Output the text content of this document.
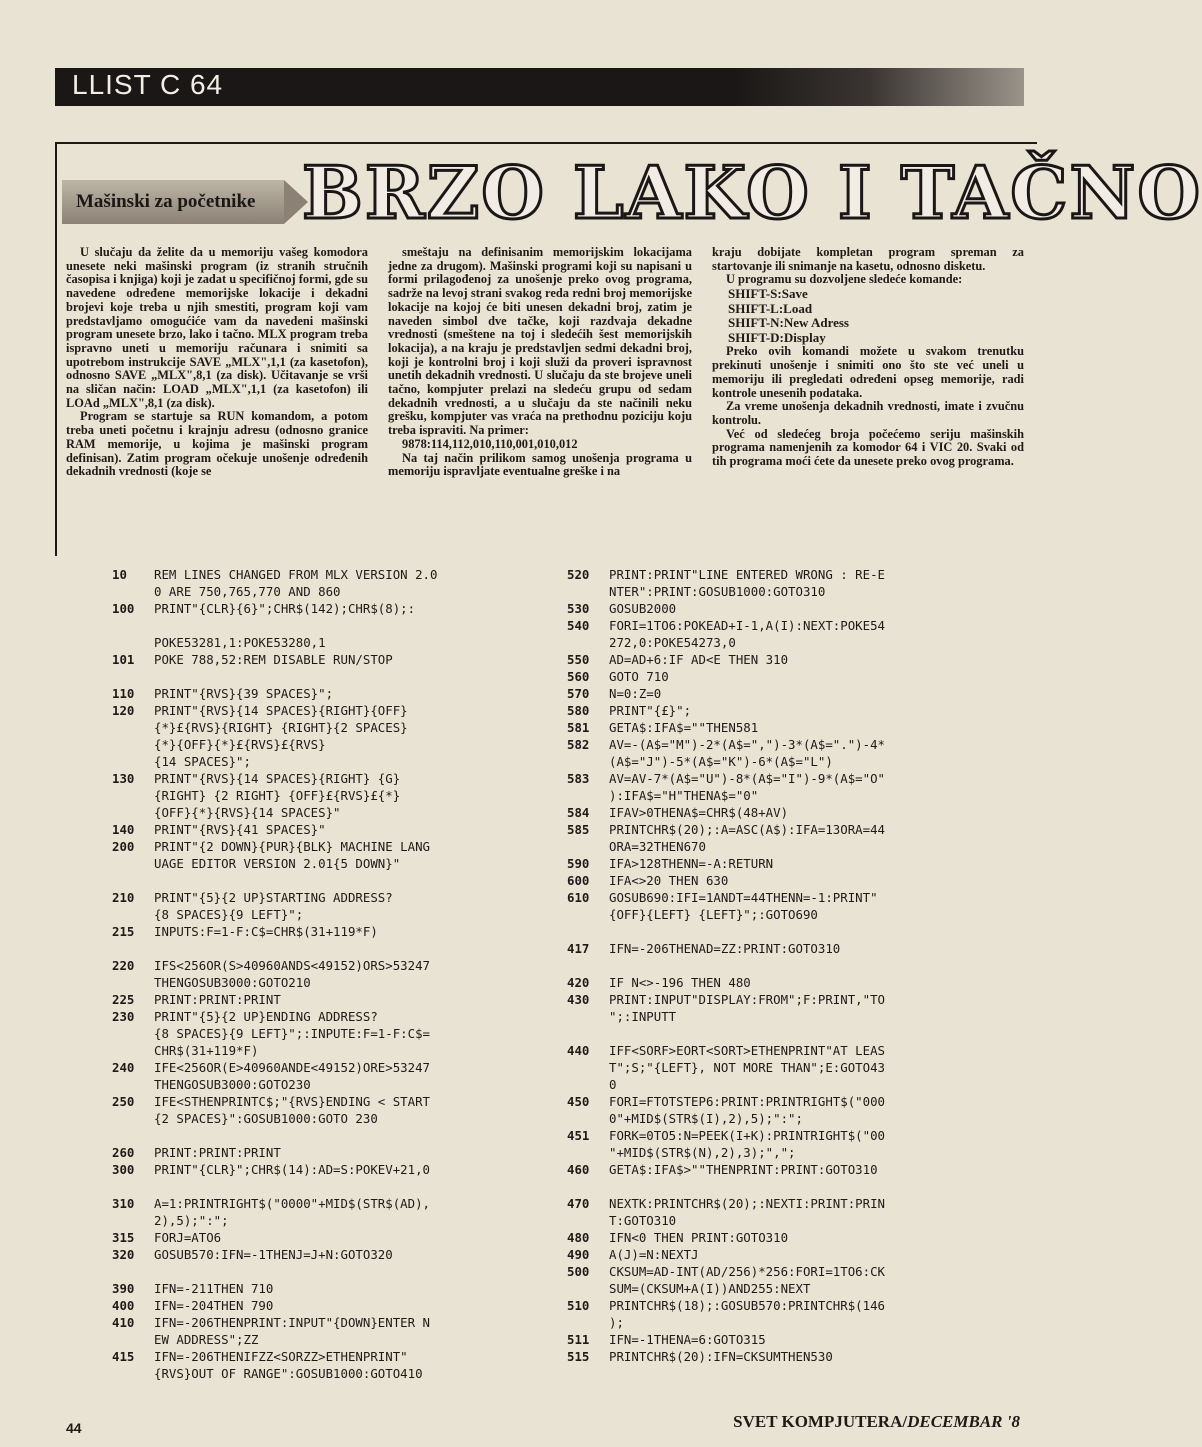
LLIST C 64
Mašinski za početnike BRZO LAKO I TAČNO

U slučaju da želite da u memoriju vašeg komodora unesete neki mašinski program (iz stranih stručnih časopisa i knjiga) koji je zadat u specifičnoj formi, gde su navedene određene memorijske lokacije i dekadni brojevi koje treba u njih smestiti, program koji vam predstavljamo omogućiće vam da navedeni mašinski program unesete brzo, lako i tačno. MLX program treba ispravno uneti u memoriju računara i snimiti sa upotrebom instrukcije SAVE „MLX",1,1 (za kasetofon), odnosno SAVE „MLX",8,1 (za disk). Učitavanje se vrši na sličan način: LOAD „MLX",1,1 (za kasetofon) ili LOAd „MLX",8,1 (za disk).

Program se startuje sa RUN komandom, a potom treba uneti početnu i krajnju adresu (odnosno granice RAM memorije, u kojima je mašinski program definisan). Zatim program očekuje unošenje određenih dekadnih vrednosti (koje se

smeštaju na definisanim memorijskim lokacijama jedne za drugom). Mašinski programi koji su napisani u formi prilagođenoj za unošenje preko ovog programa, sadrže na levoj strani svakog reda redni broj memorijske lokacije na kojoj će biti unesen dekadni broj, zatim je naveden simbol dve tačke, koji razdvaja dekadne vrednosti (smeštene na toj i sledećih šest memorijskih lokacija), a na kraju je predstavljen sedmi dekadni broj, koji je kontrolni broj i koji služi da proveri ispravnost unetih dekadnih vrednosti. U slučaju da ste brojeve uneli tačno, kompjuter prelazi na sledeću grupu od sedam dekadnih vrednosti, a u slučaju da ste načinili neku grešku, kompjuter vas vraća na prethodnu poziciju koju treba ispraviti. Na primer:

9878:114,112,010,110,001,010,012

Na taj način prilikom samog unošenja programa u memoriju ispravljate eventualne greške i na

kraju dobijate kompletan program spreman za startovanje ili snimanje na kasetu, odnosno disketu.

U programu su dozvoljene sledeće komande:

SHIFT-S:Save

SHIFT-L:Load

SHIFT-N:New Adress

SHIFT-D:Display

Preko ovih komandi možete u svakom trenutku prekinuti unošenje i snimiti ono što ste već uneli u memoriju ili pregledati određeni opseg memorije, radi kontrole unesenih podataka.

Za vreme unošenja dekadnih vrednosti, imate i zvučnu kontrolu.

Već od sledećeg broja počećemo seriju mašinskih programa namenjenih za komodor 64 i VIC 20. Svaki od tih programa moći ćete da unesete preko ovog programa.

10	REM LINES CHANGED FROM MLX VERSION 2.0
0 ARE 750,765,770 AND 860
100	PRINT"{CLR}{6}";CHR$(142);CHR$(8);:

POKE53281,1:POKE53280,1
101	POKE 788,52:REM DISABLE RUN/STOP

110	PRINT"{RVS}{39 SPACES}";
120	PRINT"{RVS}{14 SPACES}{RIGHT}{OFF}
{*}£{RVS}{RIGHT} {RIGHT}{2 SPACES}
{*}{OFF}{*}£{RVS}£{RVS}
{14 SPACES}";
130	PRINT"{RVS}{14 SPACES}{RIGHT} {G}
{RIGHT} {2 RIGHT} {OFF}£{RVS}£{*}
{OFF}{*}{RVS}{14 SPACES}"
140	PRINT"{RVS}{41 SPACES}"
200	PRINT"{2 DOWN}{PUR}{BLK} MACHINE LANG
UAGE EDITOR VERSION 2.01{5 DOWN}"

210	PRINT"{5}{2 UP}STARTING ADDRESS?
{8 SPACES}{9 LEFT}";
215	INPUTS:F=1-F:C$=CHR$(31+119*F)

220	IFS<256OR(S>40960ANDS<49152)ORS>53247
THENGOSUB3000:GOTO210
225	PRINT:PRINT:PRINT
230	PRINT"{5}{2 UP}ENDING ADDRESS?
{8 SPACES}{9 LEFT}";:INPUTE:F=1-F:C$=
CHR$(31+119*F)
240	IFE<256OR(E>40960ANDE<49152)ORE>53247
THENGOSUB3000:GOTO230
250	IFE<STHENPRINTC$;"{RVS}ENDING < START
{2 SPACES}":GOSUB1000:GOTO 230

260	PRINT:PRINT:PRINT
300	PRINT"{CLR}";CHR$(14):AD=S:POKEV+21,0

310	A=1:PRINTRIGHT$("0000"+MID$(STR$(AD),
2),5);":";
315	FORJ=ATO6
320	GOSUB570:IFN=-1THENJ=J+N:GOTO320

390	IFN=-211THEN 710
400	IFN=-204THEN 790
410	IFN=-206THENPRINT:INPUT"{DOWN}ENTER N
EW ADDRESS";ZZ
415	IFN=-206THENIFZZ<SORZZ>ETHENPRINT"
{RVS}OUT OF RANGE":GOSUB1000:GOTO410
520	PRINT:PRINT"LINE ENTERED WRONG : RE-E
NTER":PRINT:GOSUB1000:GOTO310
530	GOSUB2000
540	FORI=1TO6:POKEAD+I-1,A(I):NEXT:POKE54
272,0:POKE54273,0
550	AD=AD+6:IF AD<E THEN 310
560	GOTO 710
570	N=0:Z=0
580	PRINT"{£}";
581	GETA$:IFA$=""THEN581
582	AV=-(A$="M")-2*(A$=",")-3*(A$=".")-4*
(A$="J")-5*(A$="K")-6*(A$="L")
583	AV=AV-7*(A$="U")-8*(A$="I")-9*(A$="O"
):IFA$="H"THENA$="0"
584	IFAV>0THENA$=CHR$(48+AV)
585	PRINTCHR$(20);:A=ASC(A$):IFA=13ORA=44
ORA=32THEN670
590	IFA>128THENN=-A:RETURN
600	IFA<>20 THEN 630
610	GOSUB690:IFI=1ANDT=44THENN=-1:PRINT"
{OFF}{LEFT} {LEFT}";:GOTO690

417	IFN=-206THENAD=ZZ:PRINT:GOTO310

420	IF N<>-196 THEN 480
430	PRINT:INPUT"DISPLAY:FROM";F:PRINT,"TO
";:INPUTT

440	IFF<SORF>EORT<SORT>ETHENPRINT"AT LEAS
T";S;"{LEFT}, NOT MORE THAN";E:GOTO43
0
450	FORI=FTOTSTEP6:PRINT:PRINTRIGHT$("000
0"+MID$(STR$(I),2),5);":";
451	FORK=0TO5:N=PEEK(I+K):PRINTRIGHT$("00
"+MID$(STR$(N),2),3);",";
460	GETA$:IFA$>""THENPRINT:PRINT:GOTO310

470	NEXTK:PRINTCHR$(20);:NEXTI:PRINT:PRIN
T:GOTO310
480	IFN<0 THEN PRINT:GOTO310
490	A(J)=N:NEXTJ
500	CKSUM=AD-INT(AD/256)*256:FORI=1TO6:CK
SUM=(CKSUM+A(I))AND255:NEXT
510	PRINTCHR$(18);:GOSUB570:PRINTCHR$(146
);
511	IFN=-1THENA=6:GOTO315
515	PRINTCHR$(20):IFN=CKSUMTHEN530
44	SVET KOMPJUTERA/DECEMBAR '8
